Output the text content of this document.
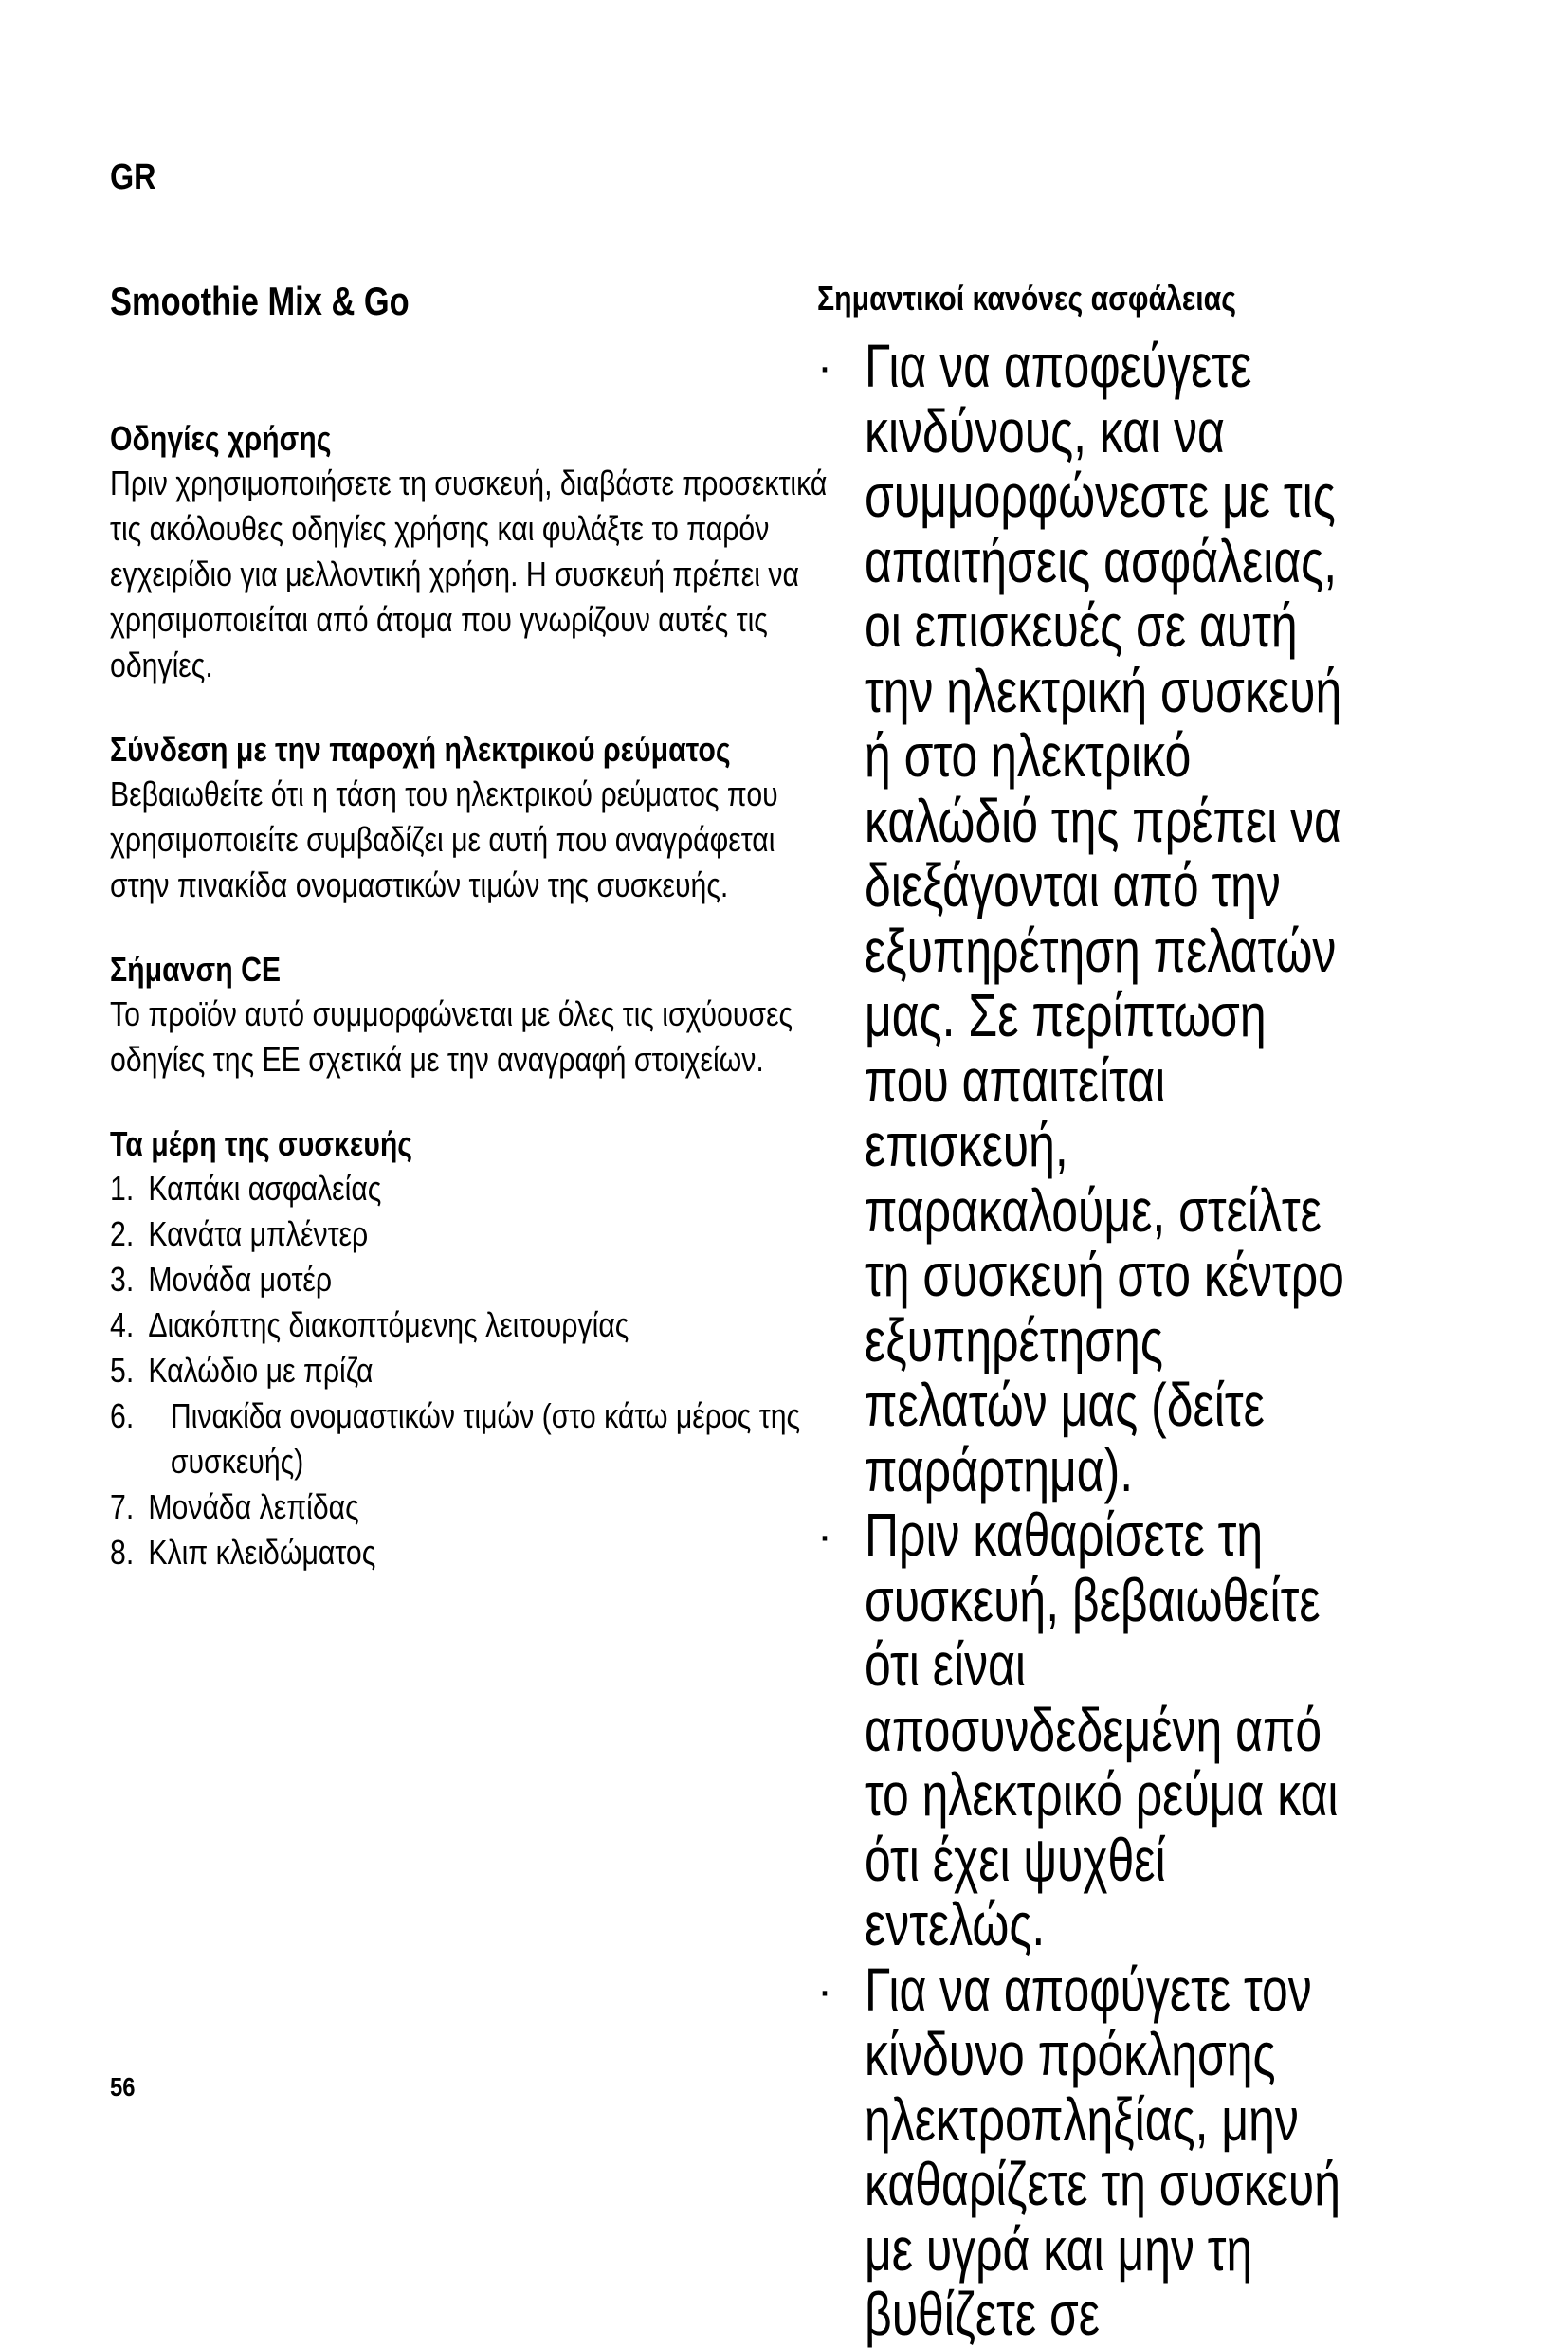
GR
Smoothie Mix & Go

Οδηγίες χρήσης

Πριν χρησιμοποιήσετε τη συσκευή, διαβάστε προσεκτικά τις ακόλουθες οδηγίες χρήσης και φυλάξτε το παρόν εγχειρίδιο για μελλοντική χρήση. Η συσκευή πρέπει να χρησιμοποιείται από άτομα που γνωρίζουν αυτές τις οδηγίες.

Σύνδεση με την παροχή ηλεκτρικού ρεύματος

Βεβαιωθείτε ότι η τάση του ηλεκτρικού ρεύματος που χρησιμοποιείτε συμβαδίζει με αυτή που αναγράφεται στην πινακίδα ονομαστικών τιμών της συσκευής.

Σήμανση CE

Το προϊόν αυτό συμμορφώνεται με όλες τις ισχύουσες οδηγίες της ΕΕ σχετικά με την αναγραφή στοιχείων.

Τα μέρη της συσκευής

1. Καπάκι ασφαλείας
2. Κανάτα μπλέντερ
3. Μονάδα μοτέρ
4. Διακόπτης διακοπτόμενης λειτουργίας
5. Καλώδιο με πρίζα
6.	Πινακίδα ονομαστικών τιμών (στο κάτω μέρος της συσκευής)
7. Μονάδα λεπίδας
8. Κλιπ κλειδώματος
Σημαντικοί κανόνες ασφάλειας
· Για να αποφεύγετε κινδύνους, και να συμμορφώνεστε με τις απαιτήσεις ασφάλειας, οι επισκευές σε αυτή την ηλεκτρική συσκευή ή στο ηλεκτρικό καλώδιό της πρέπει να διεξάγονται από την εξυπηρέτηση πελατών μας. Σε περίπτωση που απαιτείται επισκευή, παρακαλούμε, στείλτε τη συσκευή στο κέντρο εξυπηρέτησης πελατών μας (δείτε παράρτημα).
· Πριν καθαρίσετε τη συσκευή, βεβαιωθείτε ότι είναι αποσυνδεδεμένη από το ηλεκτρικό ρεύμα και ότι έχει ψυχθεί εντελώς.
· Για να αποφύγετε τον κίνδυνο πρόκλησης ηλεκτροπληξίας, μην καθαρίζετε τη συσκευή με υγρά και μην τη βυθίζετε σε
56
